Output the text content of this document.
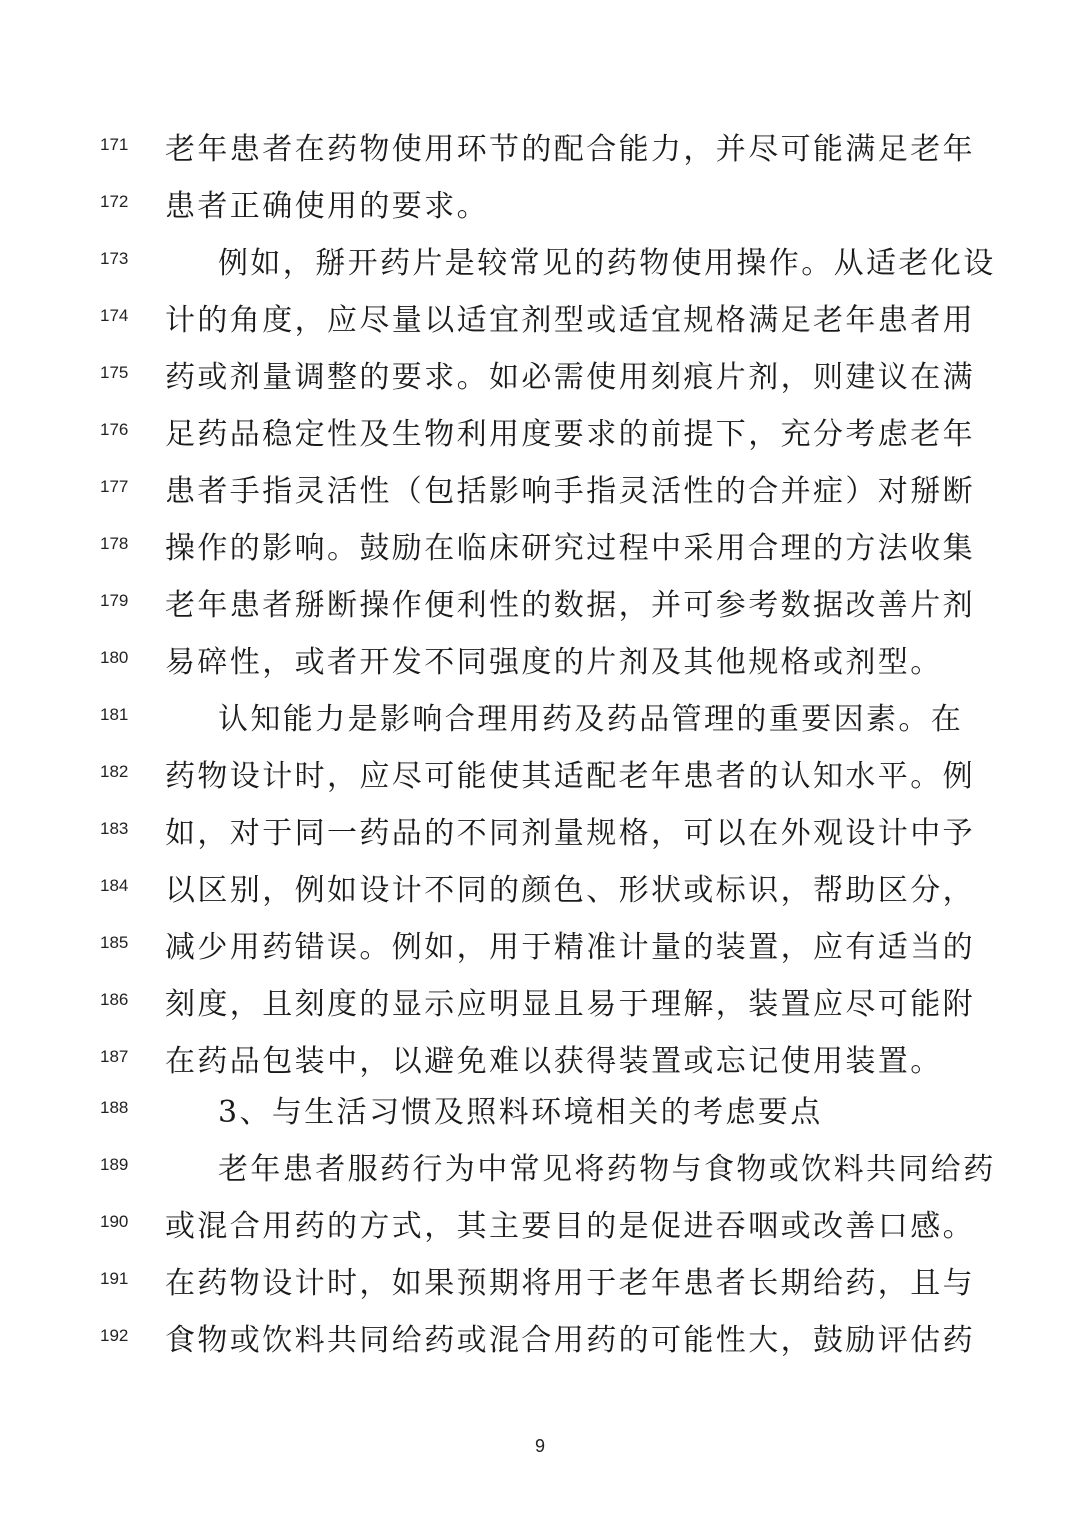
171	老年患者在药物使用环节的配合能力，并尽可能满足老年
172	患者正确使用的要求。
173	例如，掰开药片是较常见的药物使用操作。从适老化设
174	计的角度，应尽量以适宜剂型或适宜规格满足老年患者用
175	药或剂量调整的要求。如必需使用刻痕片剂，则建议在满
176	足药品稳定性及生物利用度要求的前提下，充分考虑老年
177	患者手指灵活性（包括影响手指灵活性的合并症）对掰断
178	操作的影响。鼓励在临床研究过程中采用合理的方法收集
179	老年患者掰断操作便利性的数据，并可参考数据改善片剂
180	易碎性，或者开发不同强度的片剂及其他规格或剂型。
181	认知能力是影响合理用药及药品管理的重要因素。在
182	药物设计时，应尽可能使其适配老年患者的认知水平。例
183	如，对于同一药品的不同剂量规格，可以在外观设计中予
184	以区别，例如设计不同的颜色、形状或标识，帮助区分，
185	减少用药错误。例如，用于精准计量的装置，应有适当的
186	刻度，且刻度的显示应明显且易于理解，装置应尽可能附
187	在药品包装中，以避免难以获得装置或忘记使用装置。
188	3、与生活习惯及照料环境相关的考虑要点
189	老年患者服药行为中常见将药物与食物或饮料共同给药
190	或混合用药的方式，其主要目的是促进吞咽或改善口感。
191	在药物设计时，如果预期将用于老年患者长期给药，且与
192	食物或饮料共同给药或混合用药的可能性大，鼓励评估药
9
